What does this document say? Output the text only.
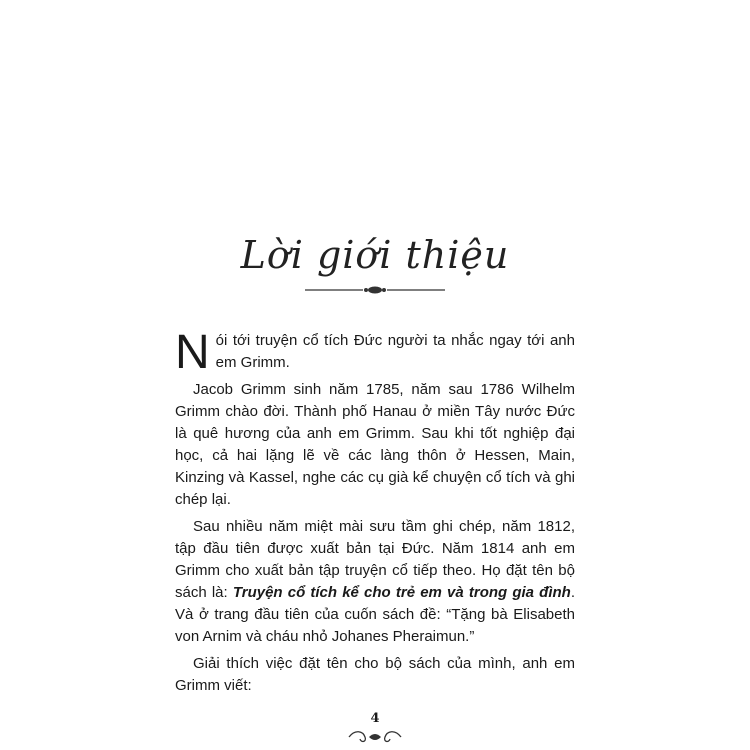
Lời giới thiệu

Nói tới truyện cổ tích Đức người ta nhắc ngay tới anh em Grimm.

Jacob Grimm sinh năm 1785, năm sau 1786 Wilhelm Grimm chào đời. Thành phố Hanau ở miền Tây nước Đức là quê hương của anh em Grimm. Sau khi tốt nghiệp đại học, cả hai lặng lẽ về các làng thôn ở Hessen, Main, Kinzing và Kassel, nghe các cụ già kể chuyện cổ tích và ghi chép lại.

Sau nhiều năm miệt mài sưu tầm ghi chép, năm 1812, tập đầu tiên được xuất bản tại Đức. Năm 1814 anh em Grimm cho xuất bản tập truyện cổ tiếp theo. Họ đặt tên bộ sách là: Truyện cổ tích kể cho trẻ em và trong gia đình. Và ở trang đầu tiên của cuốn sách đề: “Tặng bà Elisabeth von Arnim và cháu nhỏ Johanes Pheraimun.”

Giải thích việc đặt tên cho bộ sách của mình, anh em Grimm viết:

4
